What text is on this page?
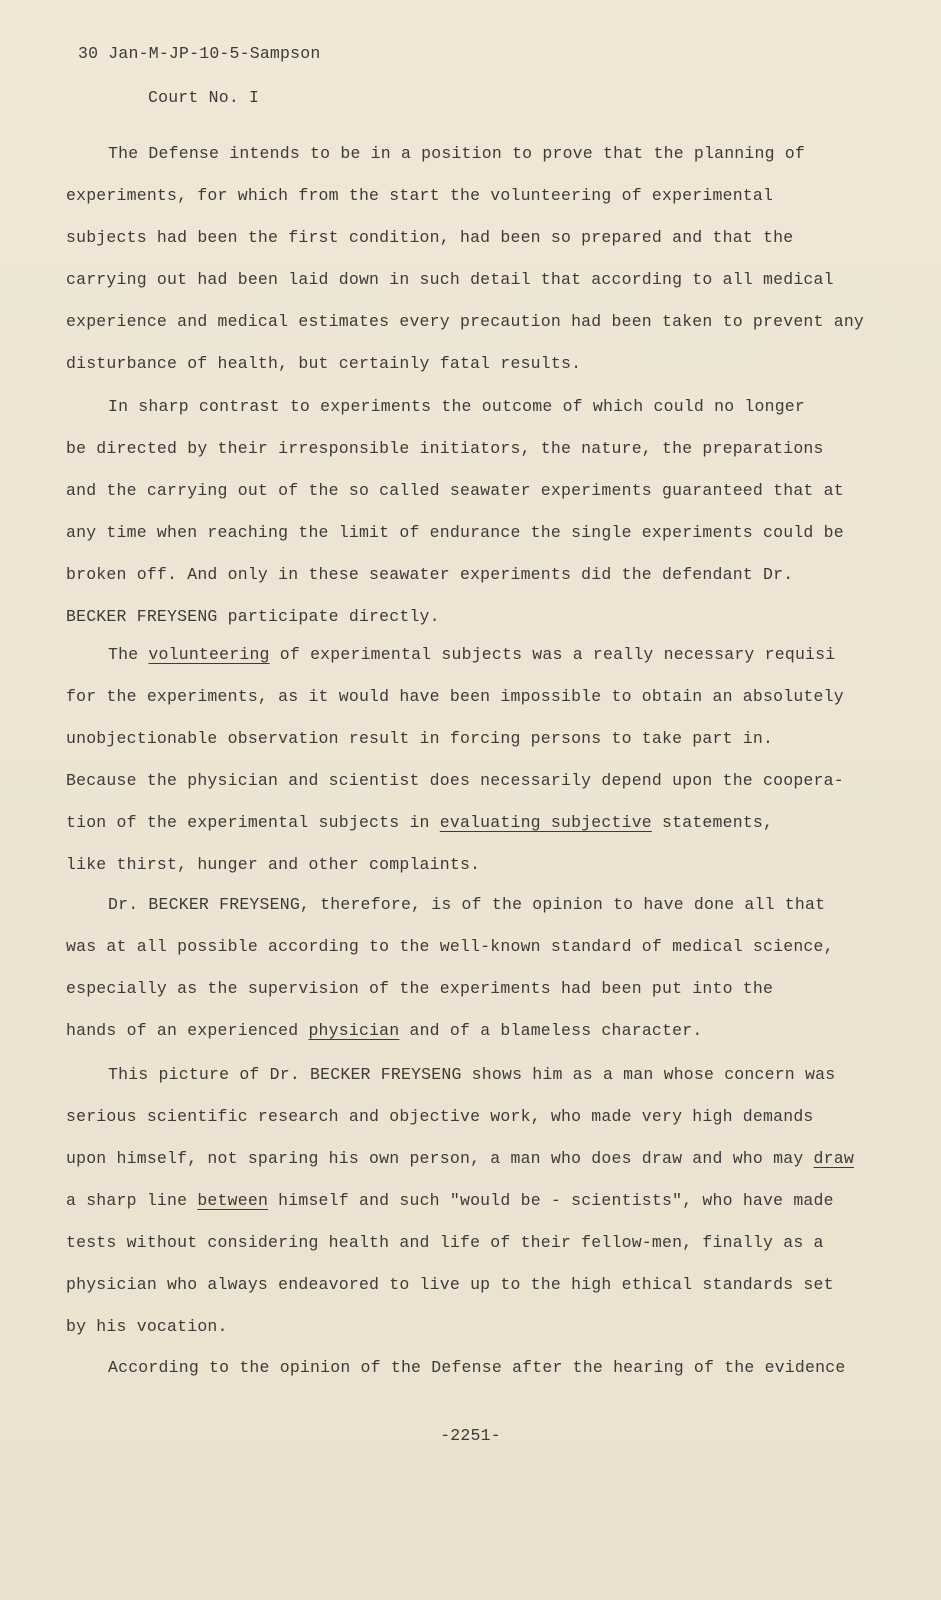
30 Jan-M-JP-10-5-Sampson
Court No. I
The Defense intends to be in a position to prove that the planning of
experiments, for which from the start the volunteering of experimental
subjects had been the first condition, had been so prepared and that the
carrying out had been laid down in such detail that according to all medical
experience and medical estimates every precaution had been taken to prevent any
disturbance of health, but certainly fatal results.
In sharp contrast to experiments the outcome of which could no longer
be directed by their irresponsible initiators, the nature, the preparations
and the carrying out of the so called seawater experiments guaranteed that at
any time when reaching the limit of endurance the single experiments could be
broken off. And only in these seawater experiments did the defendant Dr.
BECKER FREYSENG participate directly.
The volunteering of experimental subjects was a really necessary requisi
for the experiments, as it would have been impossible to obtain an absolutely
unobjectionable observation result in forcing persons to take part in.
Because the physician and scientist does necessarily depend upon the coopera-
tion of the experimental subjects in evaluating subjective statements,
like thirst, hunger and other complaints.
Dr. BECKER FREYSENG, therefore, is of the opinion to have done all that
was at all possible according to the well-known standard of medical science,
especially as the supervision of the experiments had been put into the
hands of an experienced physician and of a blameless character.
This picture of Dr. BECKER FREYSENG shows him as a man whose concern was
serious scientific research and objective work, who made very high demands
upon himself, not sparing his own person, a man who does draw and who may draw
a sharp line between himself and such "would be - scientists", who have made
tests without considering health and life of their fellow-men, finally as a
physician who always endeavored to live up to the high ethical standards set
by his vocation.
According to the opinion of the Defense after the hearing of the evidence
-2251-
